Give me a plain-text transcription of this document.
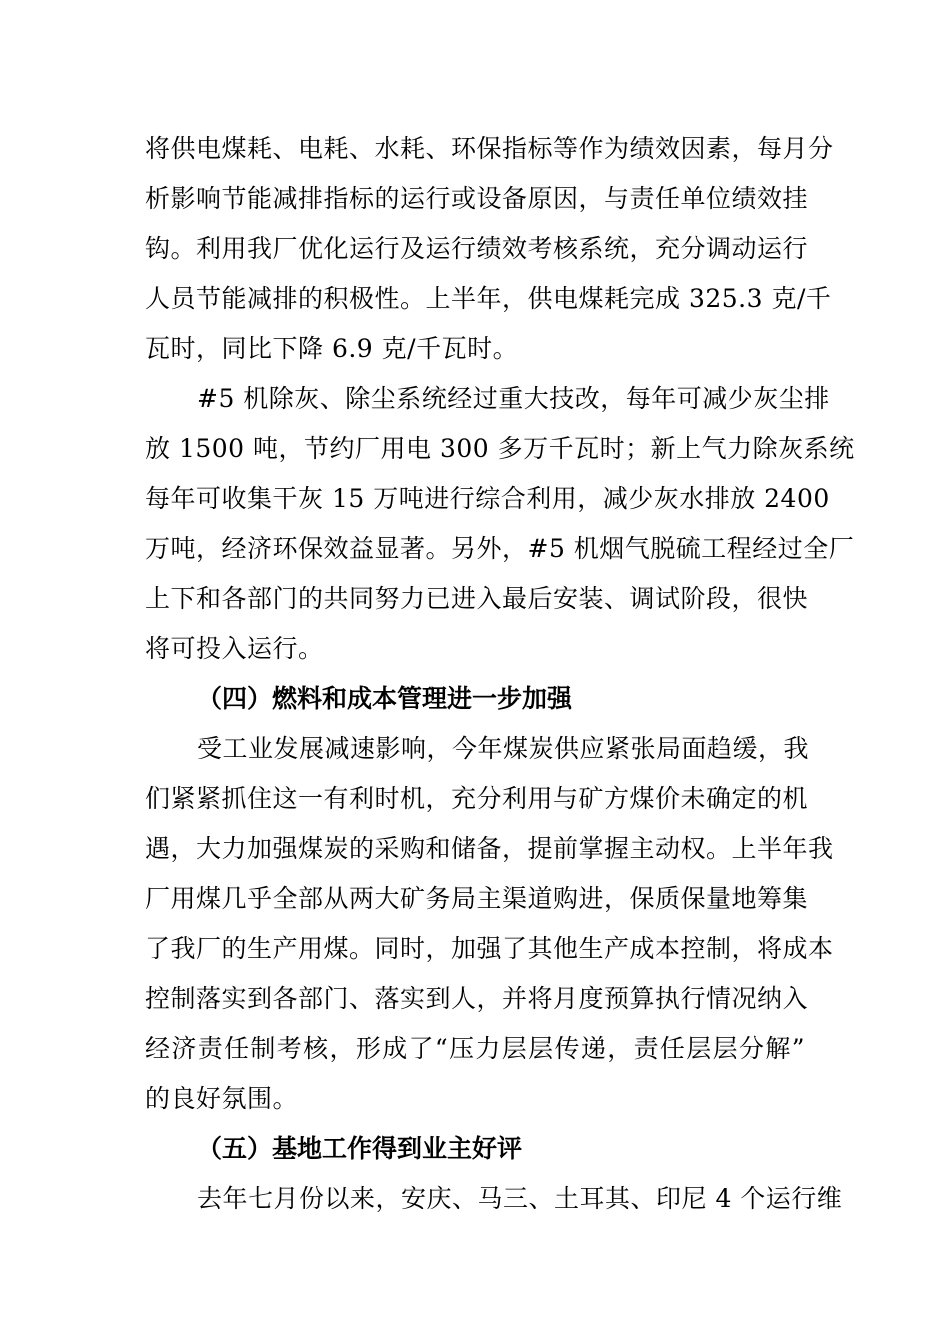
将供电煤耗、电耗、水耗、环保指标等作为绩效因素，每月分
析影响节能减排指标的运行或设备原因，与责任单位绩效挂
钩。利用我厂优化运行及运行绩效考核系统，充分调动运行
人员节能减排的积极性。上半年，供电煤耗完成 325.3 克/千
瓦时，同比下降 6.9 克/千瓦时。
#5 机除灰、除尘系统经过重大技改，每年可减少灰尘排
放 1500 吨，节约厂用电 300 多万千瓦时；新上气力除灰系统
每年可收集干灰 15 万吨进行综合利用，减少灰水排放 2400
万吨，经济环保效益显著。另外，#5 机烟气脱硫工程经过全厂
上下和各部门的共同努力已进入最后安装、调试阶段，很快
将可投入运行。
（四）燃料和成本管理进一步加强
受工业发展减速影响，今年煤炭供应紧张局面趋缓，我
们紧紧抓住这一有利时机，充分利用与矿方煤价未确定的机
遇，大力加强煤炭的采购和储备，提前掌握主动权。上半年我
厂用煤几乎全部从两大矿务局主渠道购进，保质保量地筹集
了我厂的生产用煤。同时，加强了其他生产成本控制，将成本
控制落实到各部门、落实到人，并将月度预算执行情况纳入
经济责任制考核，形成了“压力层层传递，责任层层分解”
的良好氛围。
（五）基地工作得到业主好评
去年七月份以来，安庆、马三、土耳其、印尼 4 个运行维
